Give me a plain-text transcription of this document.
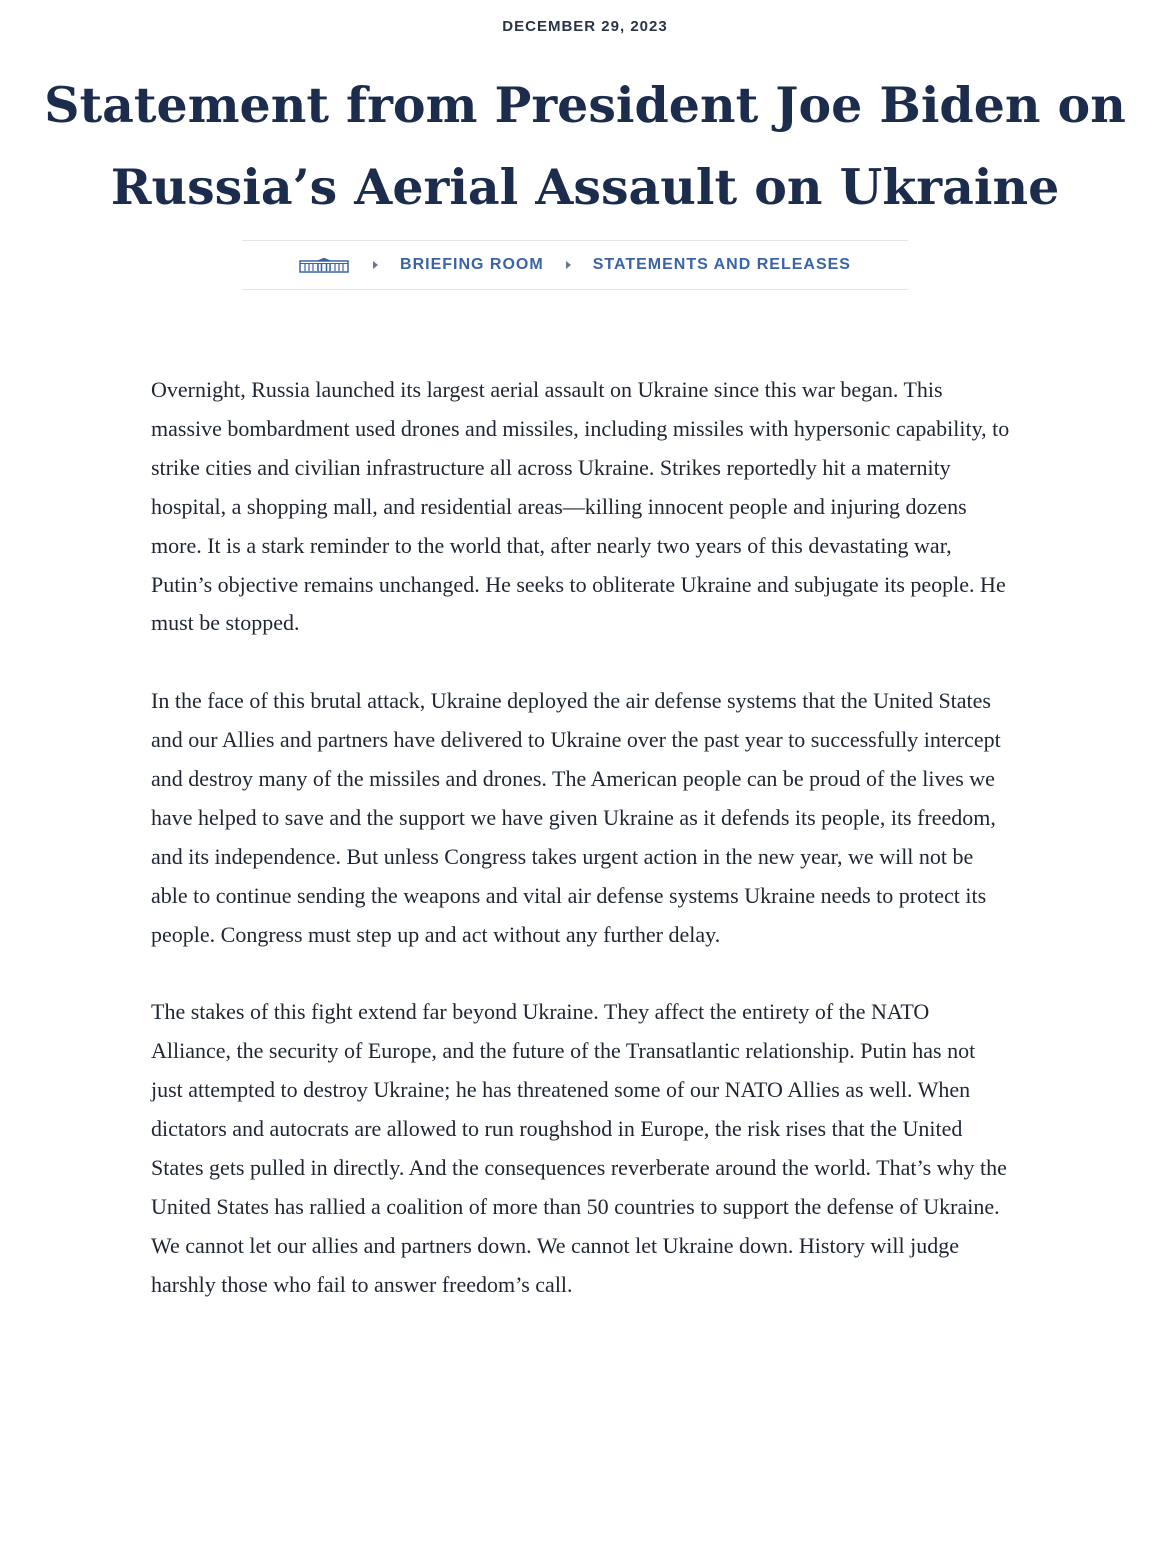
DECEMBER 29, 2023
Statement from President Joe Biden on Russia’s Aerial Assault on Ukraine
BRIEFING ROOM	STATEMENTS AND RELEASES

Overnight, Russia launched its largest aerial assault on Ukraine since this war began. This massive bombardment used drones and missiles, including missiles with hypersonic capability, to strike cities and civilian infrastructure all across Ukraine. Strikes reportedly hit a maternity hospital, a shopping mall, and residential areas—killing innocent people and injuring dozens more. It is a stark reminder to the world that, after nearly two years of this devastating war, Putin’s objective remains unchanged. He seeks to obliterate Ukraine and subjugate its people. He must be stopped.

In the face of this brutal attack, Ukraine deployed the air defense systems that the United States and our Allies and partners have delivered to Ukraine over the past year to successfully intercept and destroy many of the missiles and drones. The American people can be proud of the lives we have helped to save and the support we have given Ukraine as it defends its people, its freedom, and its independence. But unless Congress takes urgent action in the new year, we will not be able to continue sending the weapons and vital air defense systems Ukraine needs to protect its people. Congress must step up and act without any further delay.

The stakes of this fight extend far beyond Ukraine. They affect the entirety of the NATO Alliance, the security of Europe, and the future of the Transatlantic relationship. Putin has not just attempted to destroy Ukraine; he has threatened some of our NATO Allies as well. When dictators and autocrats are allowed to run roughshod in Europe, the risk rises that the United States gets pulled in directly. And the consequences reverberate around the world. That’s why the United States has rallied a coalition of more than 50 countries to support the defense of Ukraine. We cannot let our allies and partners down. We cannot let Ukraine down. History will judge harshly those who fail to answer freedom’s call.
